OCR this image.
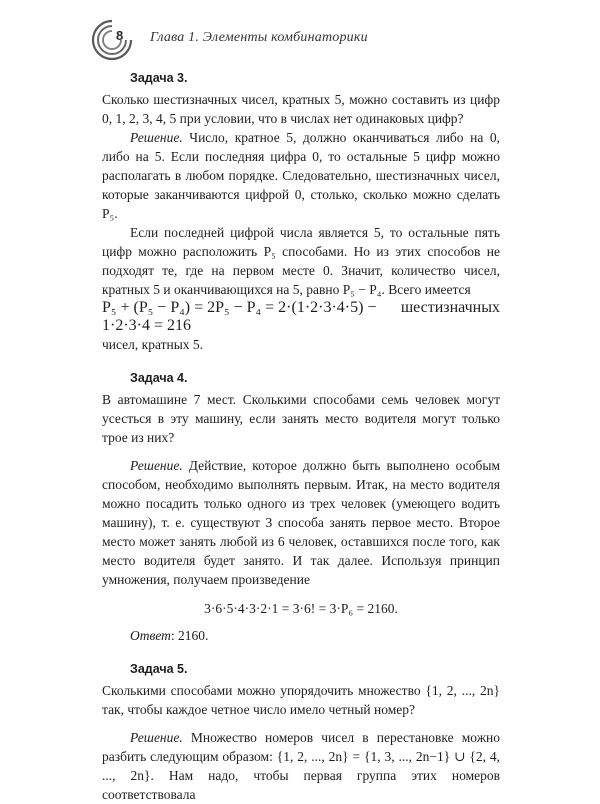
8 Глава 1. Элементы комбинаторики
Задача 3.

Сколько шестизначных чисел, кратных 5, можно составить из цифр 0, 1, 2, 3, 4, 5 при условии, что в числах нет одинаковых цифр?

Решение. Число, кратное 5, должно оканчиваться либо на 0, либо на 5. Если последняя цифра 0, то остальные 5 цифр можно располагать в любом порядке. Следовательно, шестизначных чисел, которые заканчиваются цифрой 0, столько, сколько можно сделать P₅.

Если последней цифрой числа является 5, то остальные пять цифр можно расположить P₅ способами. Но из этих способов не подходят те, где на первом месте 0. Значит, количество чисел, кратных 5 и оканчивающихся на 5, равно P₅ − P₄. Всего имеется

P₅ + (P₅ − P₄) = 2P₅ − P₄ = 2·(1·2·3·4·5) − 1·2·3·4 = 216
шестизначных

чисел, кратных 5.

Задача 4.

В автомашине 7 мест. Сколькими способами семь человек могут усесться в эту машину, если занять место водителя могут только трое из них?

Решение. Действие, которое должно быть выполнено особым способом, необходимо выполнять первым. Итак, на место водителя можно посадить только одного из трех человек (умеющего водить машину), т. е. существуют 3 способа занять первое место. Второе место может занять любой из 6 человек, оставшихся после того, как место водителя будет занято. И так далее. Используя принцип умножения, получаем произведение

3·6·5·4·3·2·1 = 3·6! = 3·P₆ = 2160.

Ответ: 2160.

Задача 5.

Сколькими способами можно упорядочить множество {1, 2, ..., 2n} так, чтобы каждое четное число имело четный номер?

Решение. Множество номеров чисел в перестановке можно разбить следующим образом: {1, 2, ..., 2n} = {1, 3, ..., 2n−1} ∪ {2, 4, ..., 2n}. Нам надо, чтобы первая группа этих номеров соответствовала
